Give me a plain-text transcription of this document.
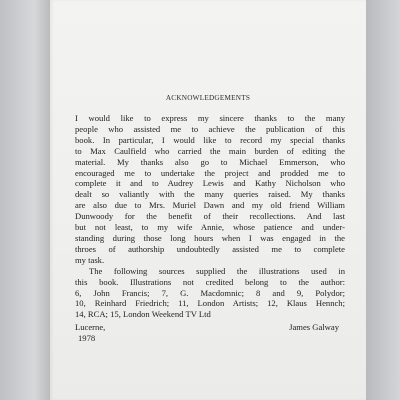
ACKNOWLEDGEMENTS
I would like to express my sincere thanks to the many
people who assisted me to achieve the publication of this
book. In particular, I would like to record my special thanks
to Max Caulfield who carried the main burden of editing the
material. My thanks also go to Michael Emmerson, who
encouraged me to undertake the project and prodded me to
complete it and to Audrey Lewis and Kathy Nicholson who
dealt so valiantly with the many queries raised. My thanks
are also due to Mrs. Muriel Dawn and my old friend William
Dunwoody for the benefit of their recollections. And last
but not least, to my wife Annie, whose patience and under-
standing during those long hours when I was engaged in the
throes of authorship undoubtedly assisted me to complete
my task.
The following sources supplied the illustrations used in
this book. Illustrations not credited belong to the author:
6, John Francis; 7, G. Macdomnic; 8 and 9, Polydor;
10, Reinhard Friedrich; 11, London Artists; 12, Klaus Hennch;
14, RCA; 15, London Weekend TV Ltd
Lucerne,
1978
James Galway
